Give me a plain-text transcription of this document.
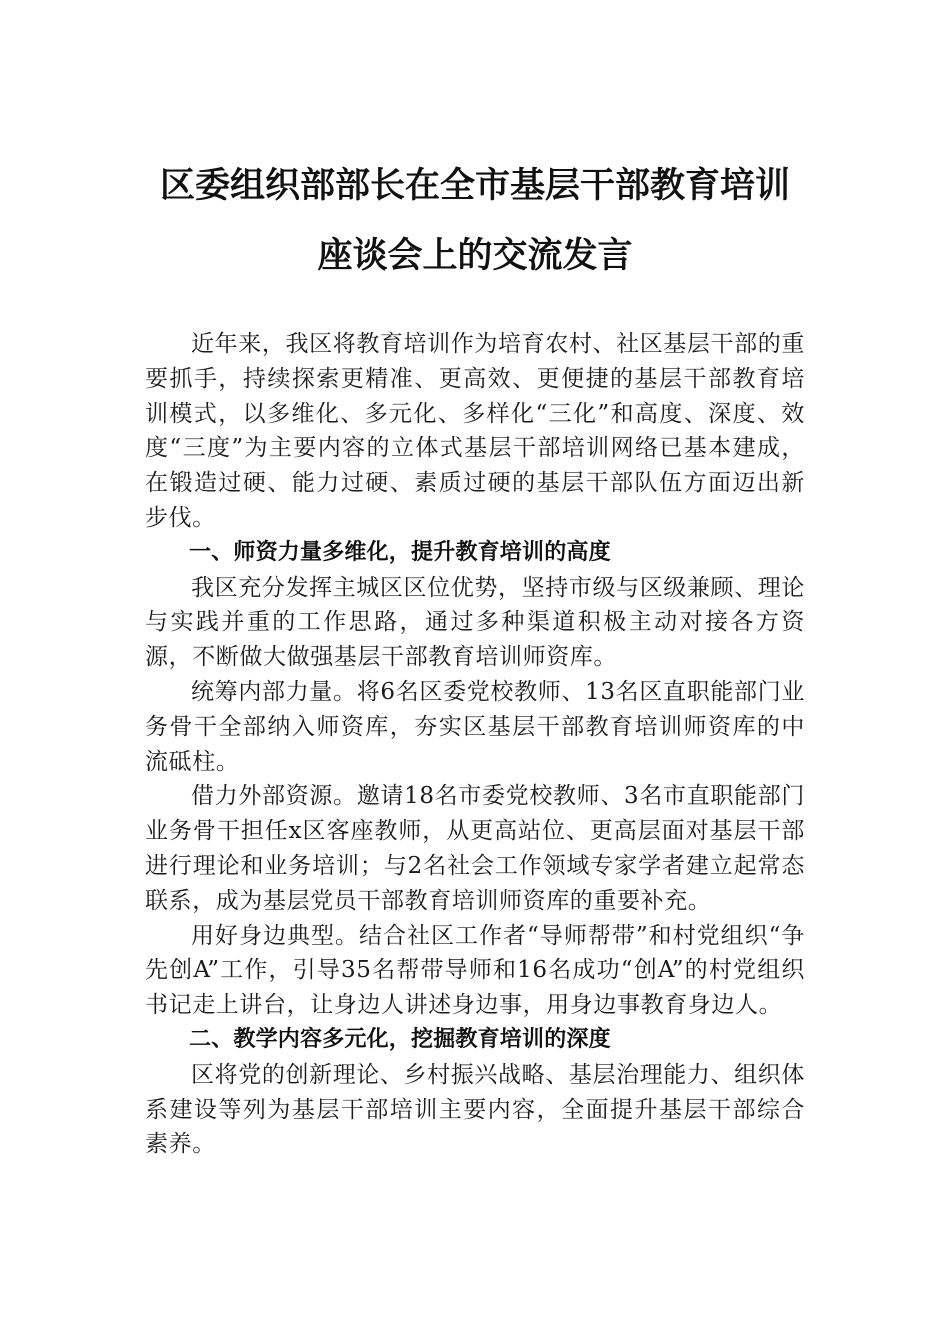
区委组织部部长在全市基层干部教育培训
座谈会上的交流发言

近年来，我区将教育培训作为培育农村、社区基层干部的重要抓手，持续探索更精准、更高效、更便捷的基层干部教育培训模式，以多维化、多元化、多样化“三化”和高度、深度、效度“三度”为主要内容的立体式基层干部培训网络已基本建成，在锻造过硬、能力过硬、素质过硬的基层干部队伍方面迈出新步伐。

一、师资力量多维化，提升教育培训的高度

我区充分发挥主城区区位优势，坚持市级与区级兼顾、理论与实践并重的工作思路，通过多种渠道积极主动对接各方资源，不断做大做强基层干部教育培训师资库。

统筹内部力量。将6名区委党校教师、13名区直职能部门业务骨干全部纳入师资库，夯实区基层干部教育培训师资库的中流砥柱。

借力外部资源。邀请18名市委党校教师、3名市直职能部门业务骨干担任x区客座教师，从更高站位、更高层面对基层干部进行理论和业务培训；与2名社会工作领域专家学者建立起常态联系，成为基层党员干部教育培训师资库的重要补充。

用好身边典型。结合社区工作者“导师帮带”和村党组织“争先创A”工作，引导35名帮带导师和16名成功“创A”的村党组织书记走上讲台，让身边人讲述身边事，用身边事教育身边人。

二、教学内容多元化，挖掘教育培训的深度

区将党的创新理论、乡村振兴战略、基层治理能力、组织体系建设等列为基层干部培训主要内容，全面提升基层干部综合素养。
